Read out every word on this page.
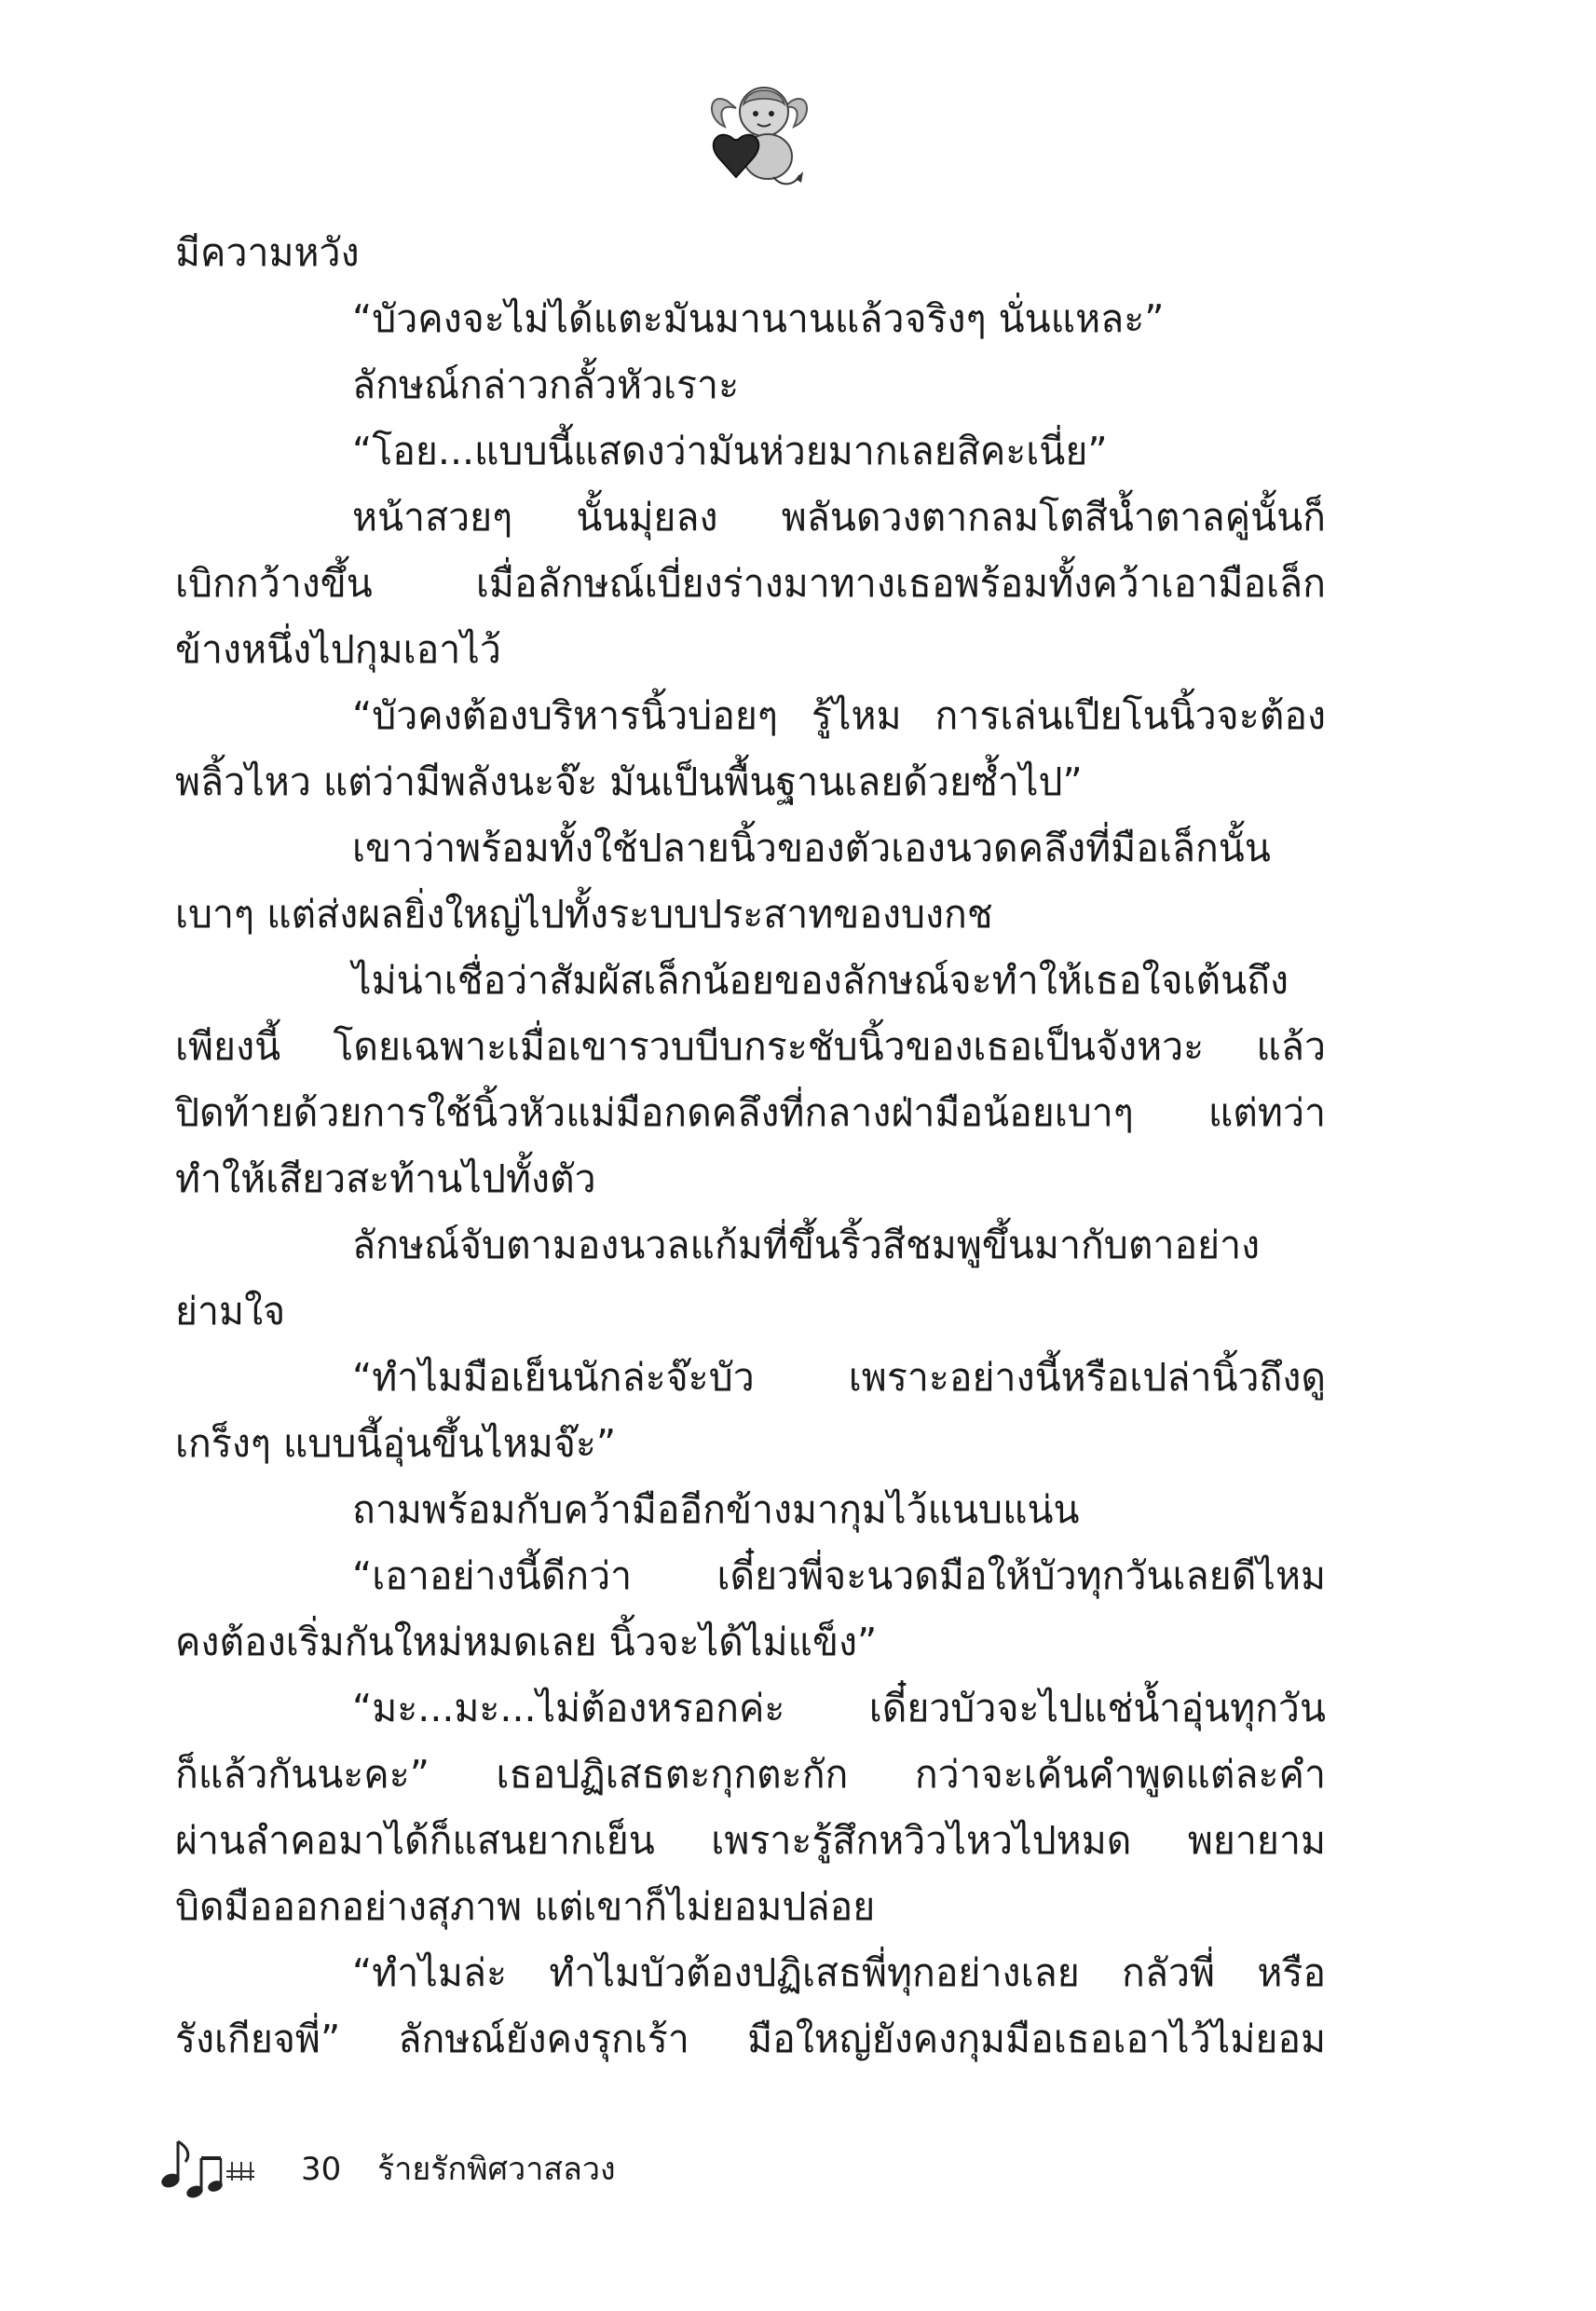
มีความหวัง
“บัวคงจะไม่ได้แตะมันมานานแล้วจริงๆ นั่นแหละ”
ลักษณ์กล่าวกลั้วหัวเราะ
“โอย...แบบนี้แสดงว่ามันห่วยมากเลยสิคะเนี่ย”
หน้าสวยๆ นั้นมุ่ยลง พลันดวงตากลมโตสีน้ำตาลคู่นั้นก็
เบิกกว้างขึ้น เมื่อลักษณ์เบี่ยงร่างมาทางเธอพร้อมทั้งคว้าเอามือเล็ก
ข้างหนึ่งไปกุมเอาไว้
“บัวคงต้องบริหารนิ้วบ่อยๆ รู้ไหม การเล่นเปียโนนิ้วจะต้อง
พลิ้วไหว แต่ว่ามีพลังนะจ๊ะ มันเป็นพื้นฐานเลยด้วยซ้ำไป”
เขาว่าพร้อมทั้งใช้ปลายนิ้วของตัวเองนวดคลึงที่มือเล็กนั้น
เบาๆ แต่ส่งผลยิ่งใหญ่ไปทั้งระบบประสาทของบงกช
ไม่น่าเชื่อว่าสัมผัสเล็กน้อยของลักษณ์จะทำให้เธอใจเต้นถึง
เพียงนี้ โดยเฉพาะเมื่อเขารวบบีบกระชับนิ้วของเธอเป็นจังหวะ แล้ว
ปิดท้ายด้วยการใช้นิ้วหัวแม่มือกดคลึงที่กลางฝ่ามือน้อยเบาๆ แต่ทว่า
ทำให้เสียวสะท้านไปทั้งตัว
ลักษณ์จับตามองนวลแก้มที่ขึ้นริ้วสีชมพูขึ้นมากับตาอย่าง
ย่ามใจ
“ทำไมมือเย็นนักล่ะจ๊ะบัว เพราะอย่างนี้หรือเปล่านิ้วถึงดู
เกร็งๆ แบบนี้อุ่นขึ้นไหมจ๊ะ”
ถามพร้อมกับคว้ามืออีกข้างมากุมไว้แนบแน่น
“เอาอย่างนี้ดีกว่า เดี๋ยวพี่จะนวดมือให้บัวทุกวันเลยดีไหม
คงต้องเริ่มกันใหม่หมดเลย นิ้วจะได้ไม่แข็ง”
“มะ...มะ...ไม่ต้องหรอกค่ะ เดี๋ยวบัวจะไปแช่น้ำอุ่นทุกวัน
ก็แล้วกันนะคะ” เธอปฏิเสธตะกุกตะกัก กว่าจะเค้นคำพูดแต่ละคำ
ผ่านลำคอมาได้ก็แสนยากเย็น เพราะรู้สึกหวิวไหวไปหมด พยายาม
บิดมือออกอย่างสุภาพ แต่เขาก็ไม่ยอมปล่อย
“ทำไมล่ะ ทำไมบัวต้องปฏิเสธพี่ทุกอย่างเลย กลัวพี่ หรือ
รังเกียจพี่” ลักษณ์ยังคงรุกเร้า มือใหญ่ยังคงกุมมือเธอเอาไว้ไม่ยอม
30 ร้ายรักพิศวาสลวง
